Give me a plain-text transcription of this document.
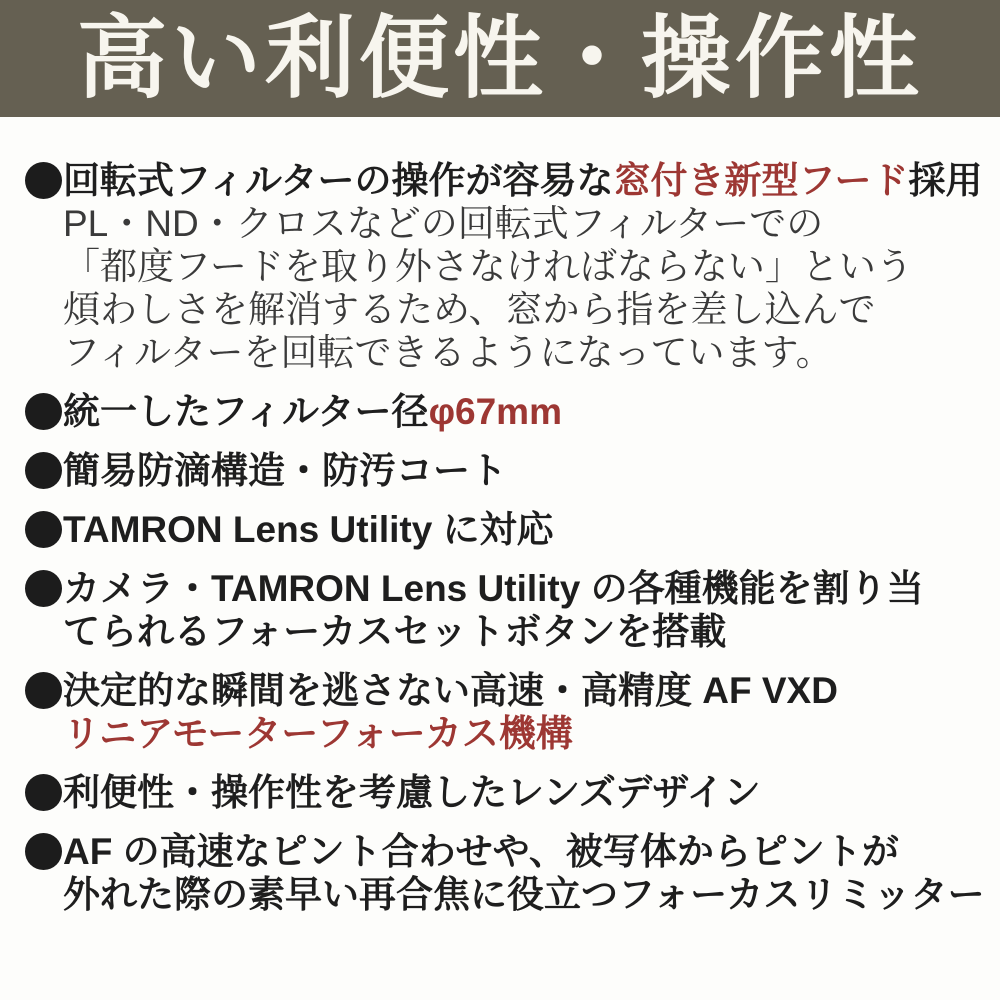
高い利便性・操作性

回転式フィルターの操作が容易な窓付き新型フード採用

PL・ND・クロスなどの回転式フィルターでの

「都度フードを取り外さなければならない」という

煩わしさを解消するため、窓から指を差し込んで

フィルターを回転できるようになっています。

統一したフィルター径φ67mm

簡易防滴構造・防汚コート

TAMRON Lens Utility に対応

カメラ・TAMRON Lens Utility の各種機能を割り当

てられるフォーカスセットボタンを搭載

決定的な瞬間を逃さない高速・高精度 AF VXD

リニアモーターフォーカス機構

利便性・操作性を考慮したレンズデザイン

AF の高速なピント合わせや、被写体からピントが

外れた際の素早い再合焦に役立つフォーカスリミッター
